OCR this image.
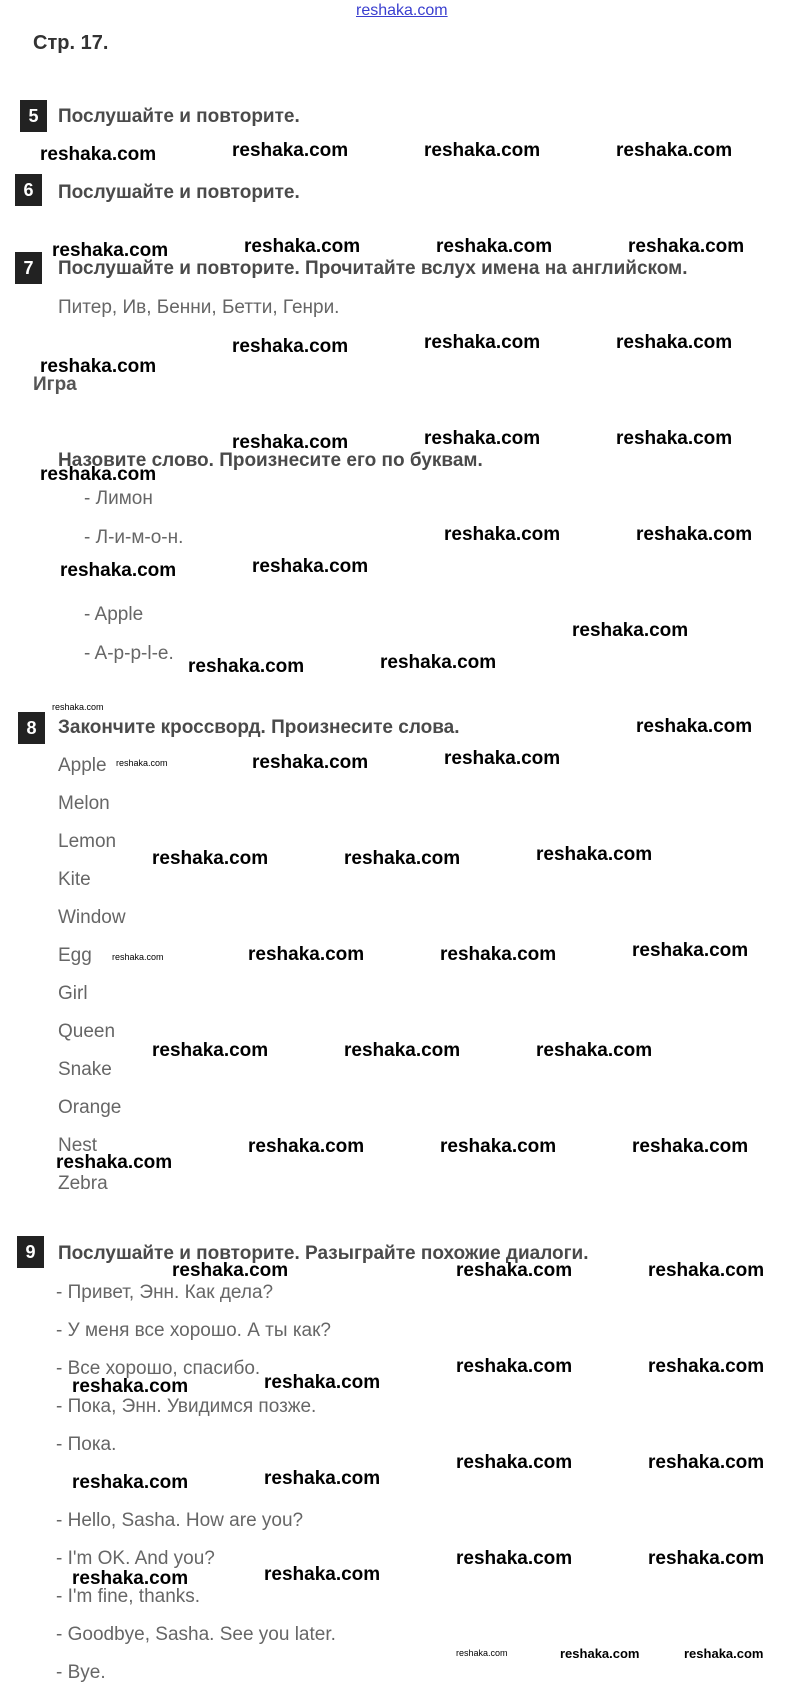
reshaka.com
Стр. 17.
5	Послушайте и повторите.
6	Послушайте и повторите.
7	Послушайте и повторите. Прочитайте вслух имена на английском.
Питер, Ив, Бенни, Бетти, Генри.
Игра
Назовите слово. Произнесите его по буквам.
- Лимон
- Л-и-м-о-н.
- Apple
- A-p-p-l-e.
8	Закончите кроссворд. Произнесите слова.
Apple
Melon
Lemon
Kite
Window
Egg
Girl
Queen
Snake
Orange
Nest
Zebra
9	Послушайте и повторите. Разыграйте похожие диалоги.
- Привет, Энн. Как дела?
- У меня все хорошо. А ты как?
- Все хорошо, спасибо.
- Пока, Энн. Увидимся позже.
- Пока.
- Hello, Sasha. How are you?
- I'm OK. And you?
- I'm fine, thanks.
- Goodbye, Sasha. See you later.
- Bye.
reshaka.com	reshaka.com	reshaka.com	reshaka.com
reshaka.com	reshaka.com	reshaka.com	reshaka.com
reshaka.com
reshaka.com	reshaka.com	reshaka.com
reshaka.com	reshaka.com	reshaka.com
reshaka.com
reshaka.com	reshaka.com
reshaka.com	reshaka.com
reshaka.com
reshaka.com	reshaka.com
reshaka.com
reshaka.com
reshaka.com	reshaka.com	reshaka.com
reshaka.com	reshaka.com	reshaka.com
reshaka.com	reshaka.com	reshaka.com	reshaka.com
reshaka.com	reshaka.com	reshaka.com
reshaka.com	reshaka.com	reshaka.com
reshaka.com
reshaka.com	reshaka.com	reshaka.com
reshaka.com	reshaka.com
reshaka.com	reshaka.com
reshaka.com	reshaka.com
reshaka.com	reshaka.com
reshaka.com	reshaka.com
reshaka.com	reshaka.com
reshaka.com	reshaka.com	reshaka.com
